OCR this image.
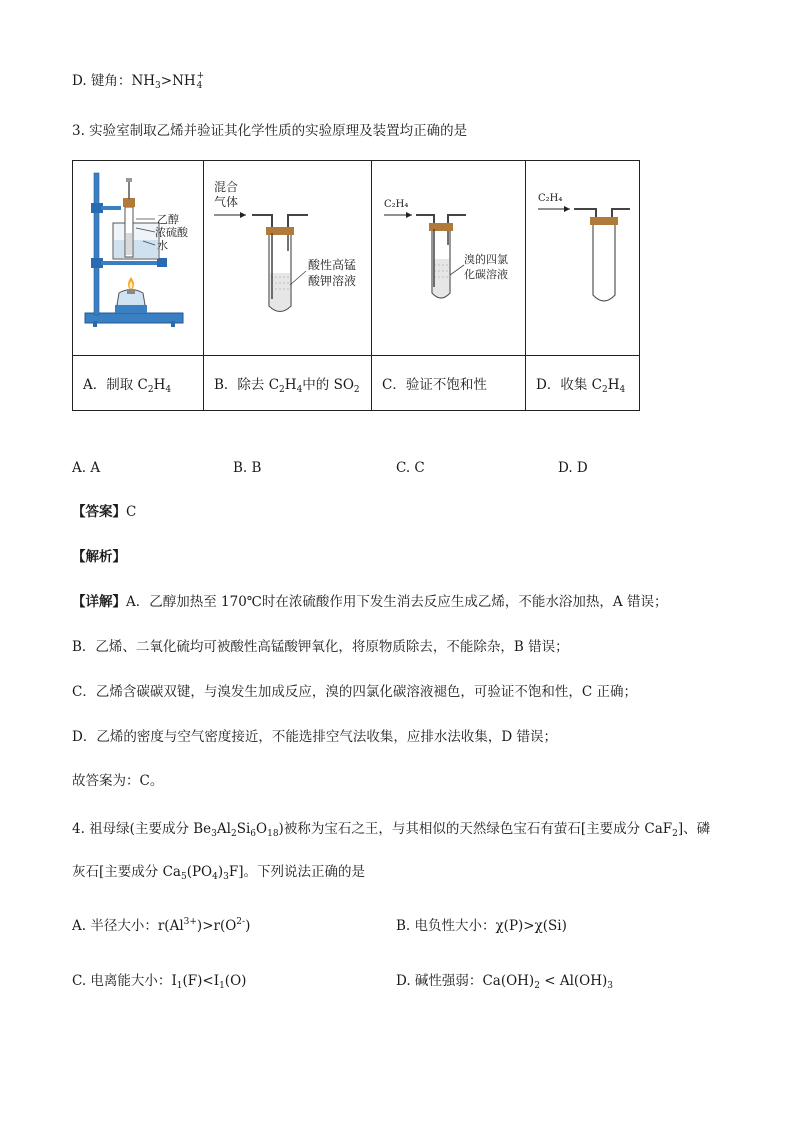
D. 键角：$NH_3>NH$ +
4
3. 实验室制取乙烯并验证其化学性质的实验原理及装置均正确的是
乙醇
浓硫酸
水	混合
气体
酸性高锰
酸钾溶液	C₂H₄
溴的四氯
化碳溶液	C₂H₄

A．制取 $C_2H_4$	B．除去 $C_2H_4$中的 $SO_2$	C．验证不饱和性	D．收集 $C_2H_4$
A. A	B. B	C. C	D. D
【答案】C
【解析】
【详解】A．乙醇加热至 170℃时在浓硫酸作用下发生消去反应生成乙烯，不能水浴加热，A 错误；
B．乙烯、二氧化硫均可被酸性高锰酸钾氧化，将原物质除去，不能除杂，B 错误；
C．乙烯含碳碳双键，与溴发生加成反应，溴的四氯化碳溶液褪色，可验证不饱和性，C 正确；
D．乙烯的密度与空气密度接近，不能选排空气法收集，应排水法收集，D 错误；
故答案为：C。
4. 祖母绿(主要成分 $Be_3Al_2Si_6O_{18}$)被称为宝石之王，与其相似的天然绿色宝石有萤石[主要成分 CaF$_2$]、磷
灰石[主要成分 $Ca_5(PO_4)_3F$]。下列说法正确的是
A. 半径大小：$r(Al^{3+})>r(O^{2-})$	B. 电负性大小：χ(P)>χ(Si)
C. 电离能大小：$I_1(F)<I_1(O)$	D. 碱性强弱：$Ca(OH)_2 < Al(OH)_3$
